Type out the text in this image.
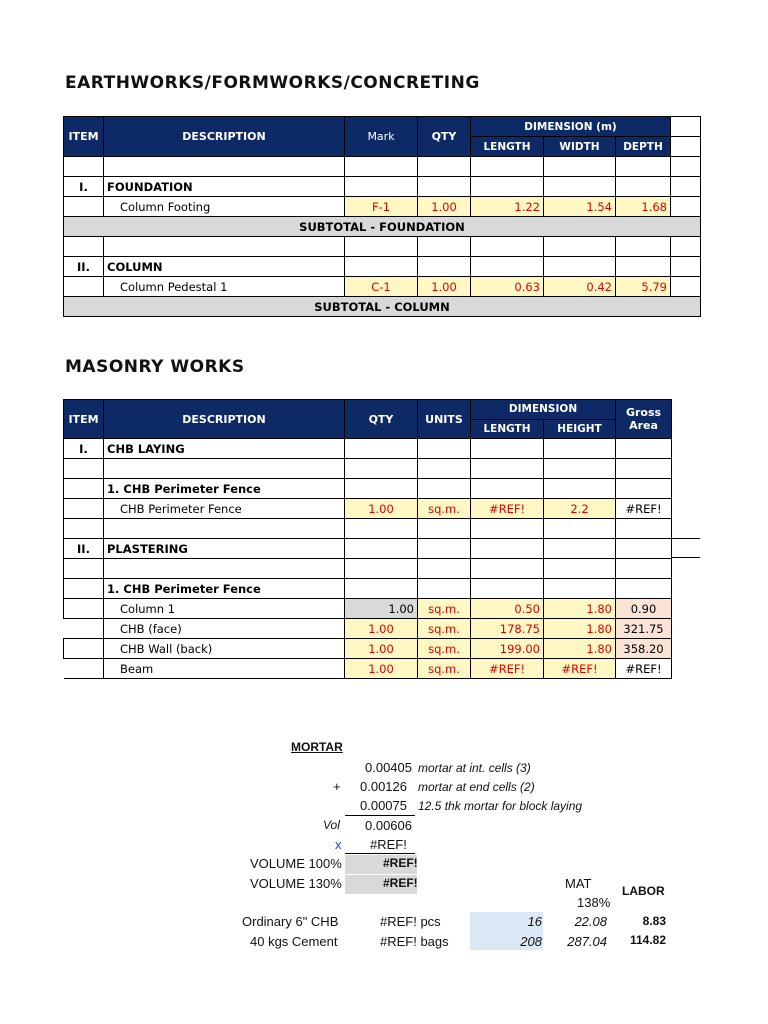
EARTHWORKS/FORMWORKS/CONCRETING
ITEM	DESCRIPTION	Mark	QTY	DIMENSION (m)			
				LENGTH	WIDTH	DEPTH	

I.	FOUNDATION						
	Column Footing	F-1	1.00	1.22	1.54	1.68	
SUBTOTAL - FOUNDATION							

II.	COLUMN						
	Column Pedestal 1	C-1	1.00	0.63	0.42	5.79	
SUBTOTAL - COLUMN							
MASONRY WORKS
ITEM	DESCRIPTION	QTY	UNITS	DIMENSION		Gross Area
				LENGTH	HEIGHT	
I.	CHB LAYING					

	1. CHB Perimeter Fence					
	CHB Perimeter Fence	1.00	sq.m.	#REF!	2.2	#REF!

II.	PLASTERING					

	1. CHB Perimeter Fence					
	Column 1	1.00	sq.m.	0.50	1.80	0.90
	CHB (face)	1.00	sq.m.	178.75	1.80	321.75
	CHB Wall (back)	1.00	sq.m.	199.00	1.80	358.20
	Beam	1.00	sq.m.	#REF!	#REF!	#REF!
MORTAR
0.00405 mortar at int. cells (3)
+ 0.00126 mortar at end cells (2)
0.00075 12.5 thk mortar for block laying
Vol 0.00606
x #REF!
VOLUME 100%	#REF!
VOLUME 130%	#REF!	MAT	LABOR
138%
Ordinary 6" CHB	#REF! pcs	16	22.08	8.83
40 kgs Cement	#REF! bags	208	287.04	114.82
